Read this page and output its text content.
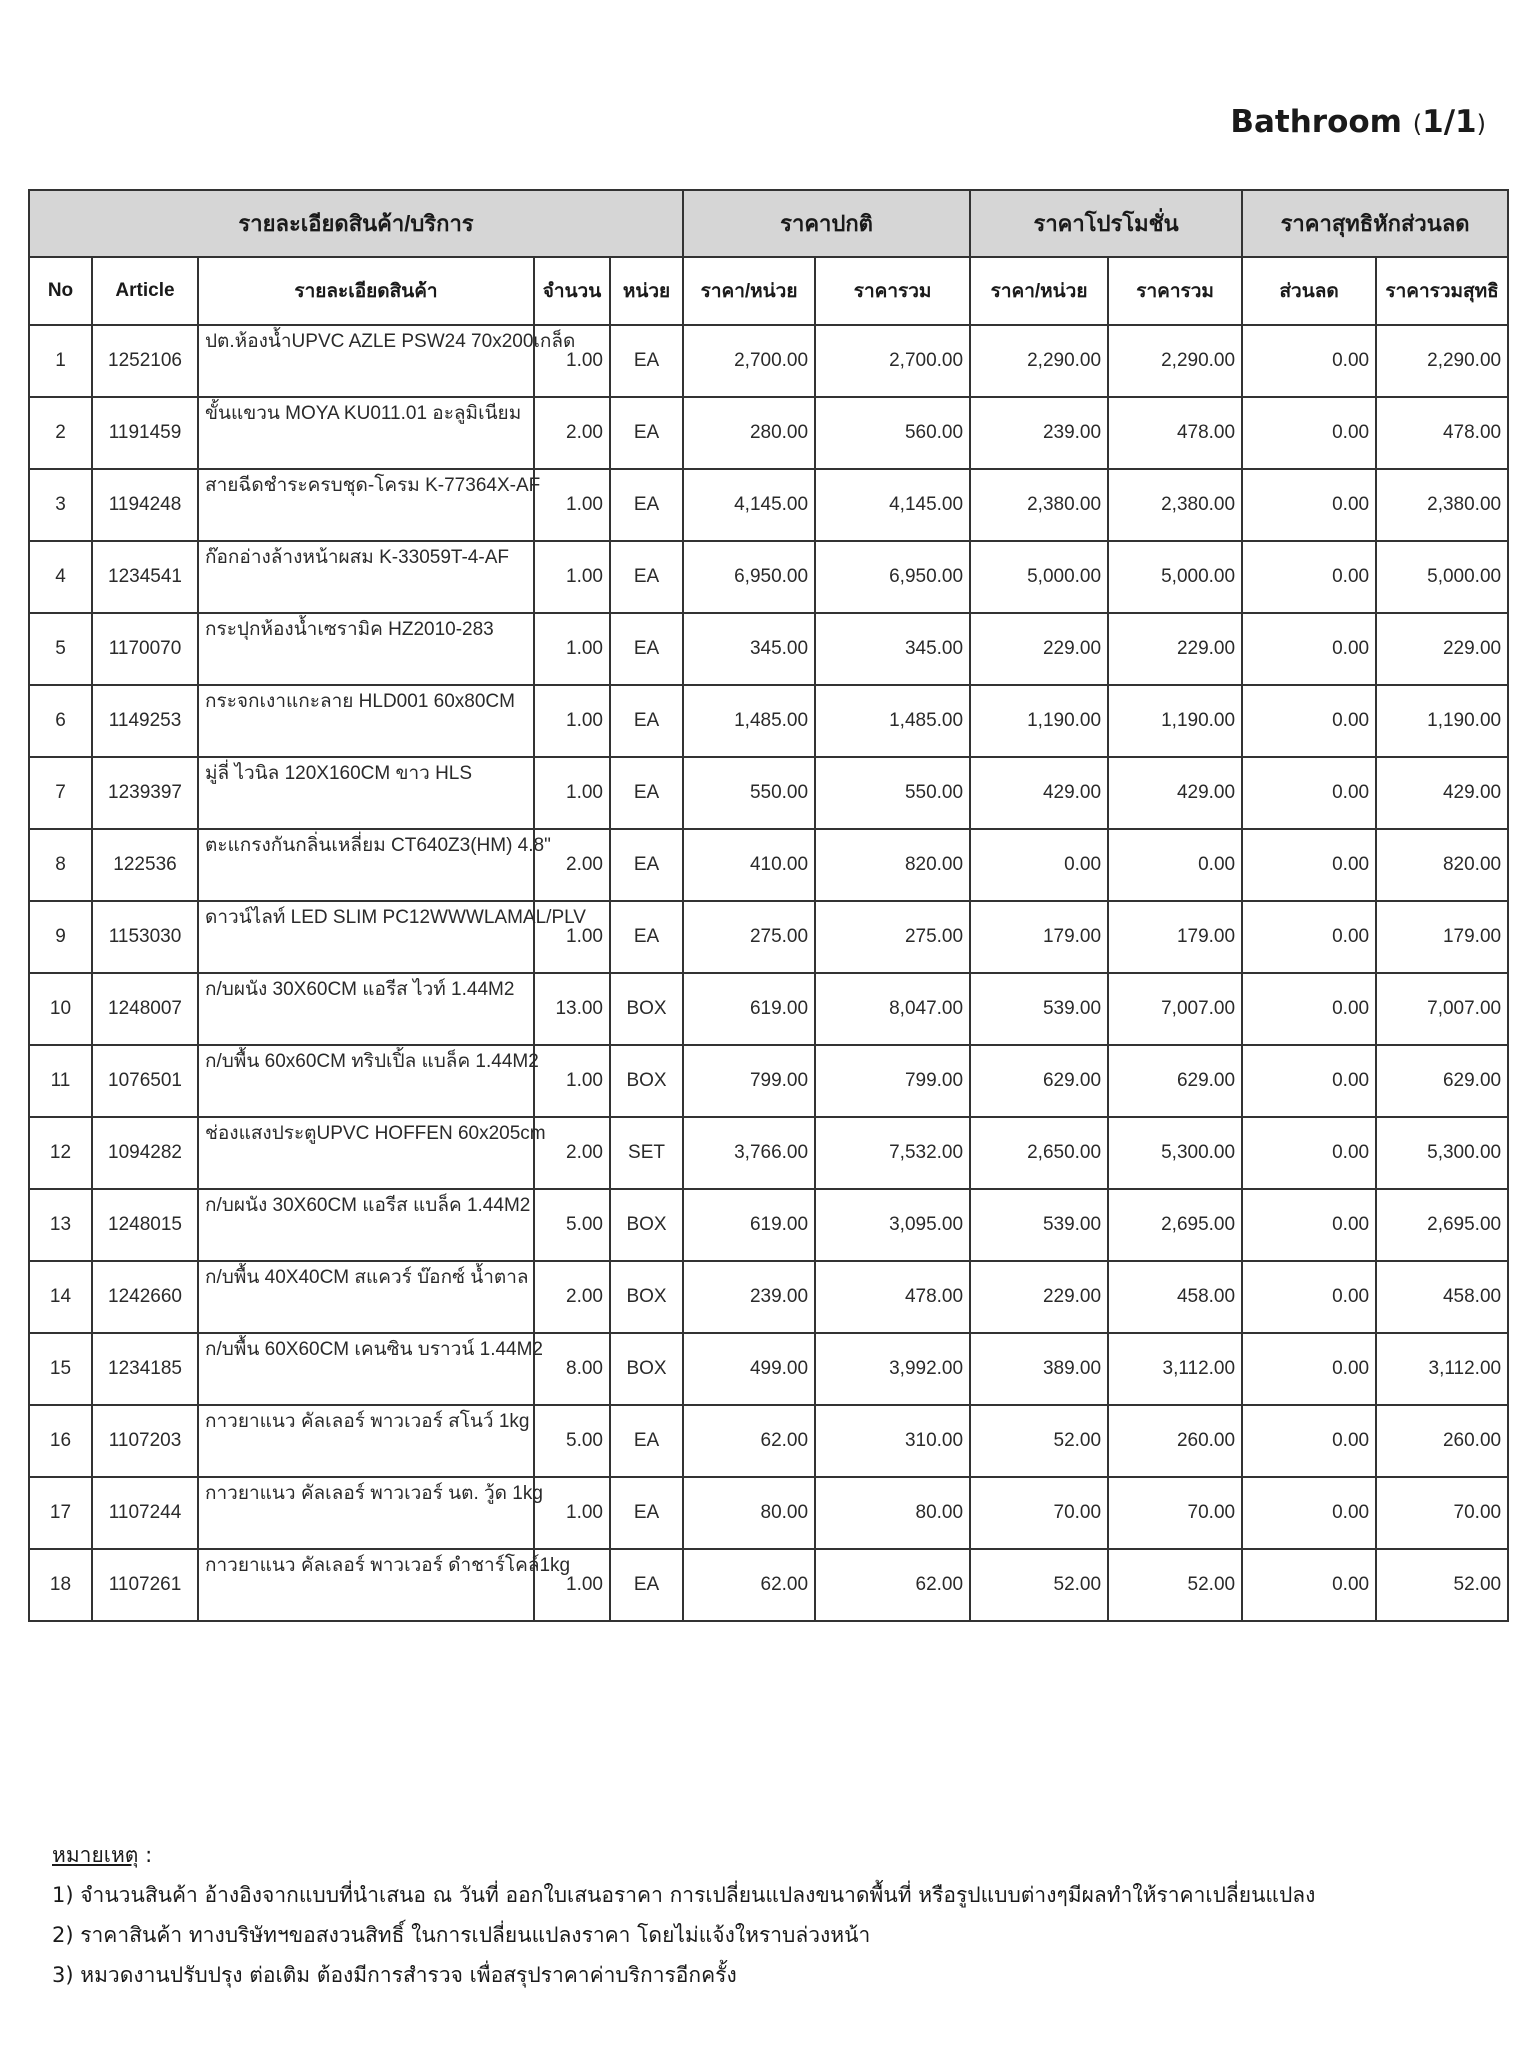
Bathroom (1/1)
รายละเอียดสินค้า/บริการ					ราคาปกติ		ราคาโปรโมชั่น		ราคาสุทธิหักส่วนลด	
No	Article	รายละเอียดสินค้า	จำนวน	หน่วย	ราคา/หน่วย	ราคารวม	ราคา/หน่วย	ราคารวม	ส่วนลด	ราคารวมสุทธิ
1	1252106	ปต.ห้องน้ำUPVC AZLE PSW24 70x200เกล็ด	1.00	EA	2,700.00	2,700.00	2,290.00	2,290.00	0.00	2,290.00
2	1191459	ขั้นแขวน MOYA KU011.01 อะลูมิเนียม	2.00	EA	280.00	560.00	239.00	478.00	0.00	478.00
3	1194248	สายฉีดชำระครบชุด-โครม K-77364X-AF	1.00	EA	4,145.00	4,145.00	2,380.00	2,380.00	0.00	2,380.00
4	1234541	ก๊อกอ่างล้างหน้าผสม K-33059T-4-AF	1.00	EA	6,950.00	6,950.00	5,000.00	5,000.00	0.00	5,000.00
5	1170070	กระปุกห้องน้ำเซรามิค HZ2010-283	1.00	EA	345.00	345.00	229.00	229.00	0.00	229.00
6	1149253	กระจกเงาแกะลาย HLD001 60x80CM	1.00	EA	1,485.00	1,485.00	1,190.00	1,190.00	0.00	1,190.00
7	1239397	มู่ลี่ ไวนิล 120X160CM ขาว HLS	1.00	EA	550.00	550.00	429.00	429.00	0.00	429.00
8	122536	ตะแกรงกันกลิ่นเหลี่ยม CT640Z3(HM) 4.8"	2.00	EA	410.00	820.00	0.00	0.00	0.00	820.00
9	1153030	ดาวน์ไลท์ LED SLIM PC12WWWLAMAL/PLV	1.00	EA	275.00	275.00	179.00	179.00	0.00	179.00
10	1248007	ก/บผนัง 30X60CM แอรีส ไวท์ 1.44M2	13.00	BOX	619.00	8,047.00	539.00	7,007.00	0.00	7,007.00
11	1076501	ก/บพื้น 60x60CM ทริปเปิ้ล แบล็ค 1.44M2	1.00	BOX	799.00	799.00	629.00	629.00	0.00	629.00
12	1094282	ช่องแสงประตูUPVC HOFFEN 60x205cm	2.00	SET	3,766.00	7,532.00	2,650.00	5,300.00	0.00	5,300.00
13	1248015	ก/บผนัง 30X60CM แอรีส แบล็ค 1.44M2	5.00	BOX	619.00	3,095.00	539.00	2,695.00	0.00	2,695.00
14	1242660	ก/บพื้น 40X40CM สแควร์ บ๊อกซ์ น้ำตาล	2.00	BOX	239.00	478.00	229.00	458.00	0.00	458.00
15	1234185	ก/บพื้น 60X60CM เคนซิน บราวน์ 1.44M2	8.00	BOX	499.00	3,992.00	389.00	3,112.00	0.00	3,112.00
16	1107203	กาวยาแนว คัลเลอร์ พาวเวอร์ สโนว์ 1kg	5.00	EA	62.00	310.00	52.00	260.00	0.00	260.00
17	1107244	กาวยาแนว คัลเลอร์ พาวเวอร์ นต. วู้ด 1kg	1.00	EA	80.00	80.00	70.00	70.00	0.00	70.00
18	1107261	กาวยาแนว คัลเลอร์ พาวเวอร์ ดำชาร์โคล์1kg	1.00	EA	62.00	62.00	52.00	52.00	0.00	52.00
หมายเหตุ :
1) จำนวนสินค้า อ้างอิงจากแบบที่นำเสนอ ณ วันที่ ออกใบเสนอราคา การเปลี่ยนแปลงขนาดพื้นที่ หรือรูปแบบต่างๆมีผลทำให้ราคาเปลี่ยนแปลง
2) ราคาสินค้า ทางบริษัทฯขอสงวนสิทธิ์ ในการเปลี่ยนแปลงราคา โดยไม่แจ้งใหราบล่วงหน้า
3) หมวดงานปรับปรุง ต่อเติม ต้องมีการสำรวจ เพื่อสรุปราคาค่าบริการอีกครั้ง
